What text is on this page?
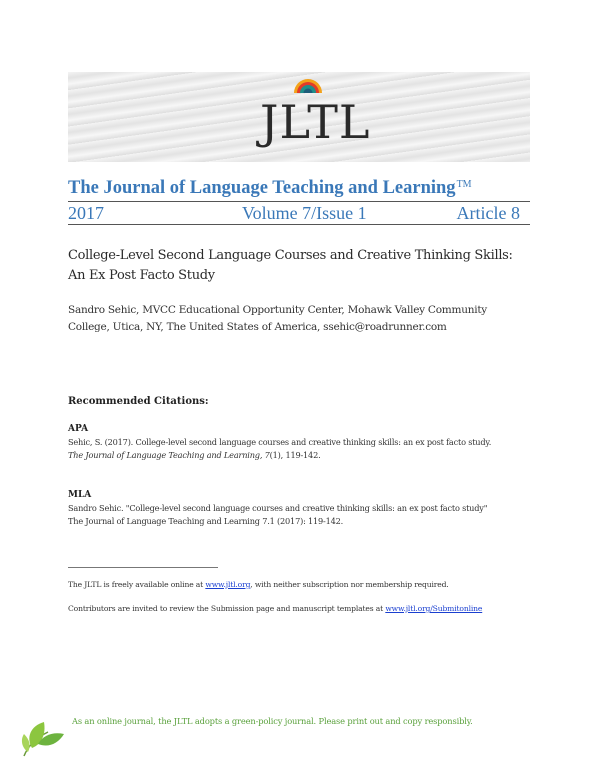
JLTL
The Journal of Language Teaching and Learning™
2017	Volume 7/Issue 1	Article 8
College-Level Second Language Courses and Creative Thinking Skills:
An Ex Post Facto Study
Sandro Sehic, MVCC Educational Opportunity Center, Mohawk Valley Community
College, Utica, NY, The United States of America, ssehic@roadrunner.com
Recommended Citations:
APA
Sehic, S. (2017). College-level second language courses and creative thinking skills: an ex post facto study.
The Journal of Language Teaching and Learning, 7(1), 119-142.
MLA
Sandro Sehic. "College-level second language courses and creative thinking skills: an ex post facto study"
The Journal of Language Teaching and Learning 7.1 (2017): 119-142.
The JLTL is freely available online at www.jltl.org, with neither subscription nor membership required.
Contributors are invited to review the Submission page and manuscript templates at www.jltl.org/Submitonline
As an online journal, the JLTL adopts a green-policy journal. Please print out and copy responsibly.
